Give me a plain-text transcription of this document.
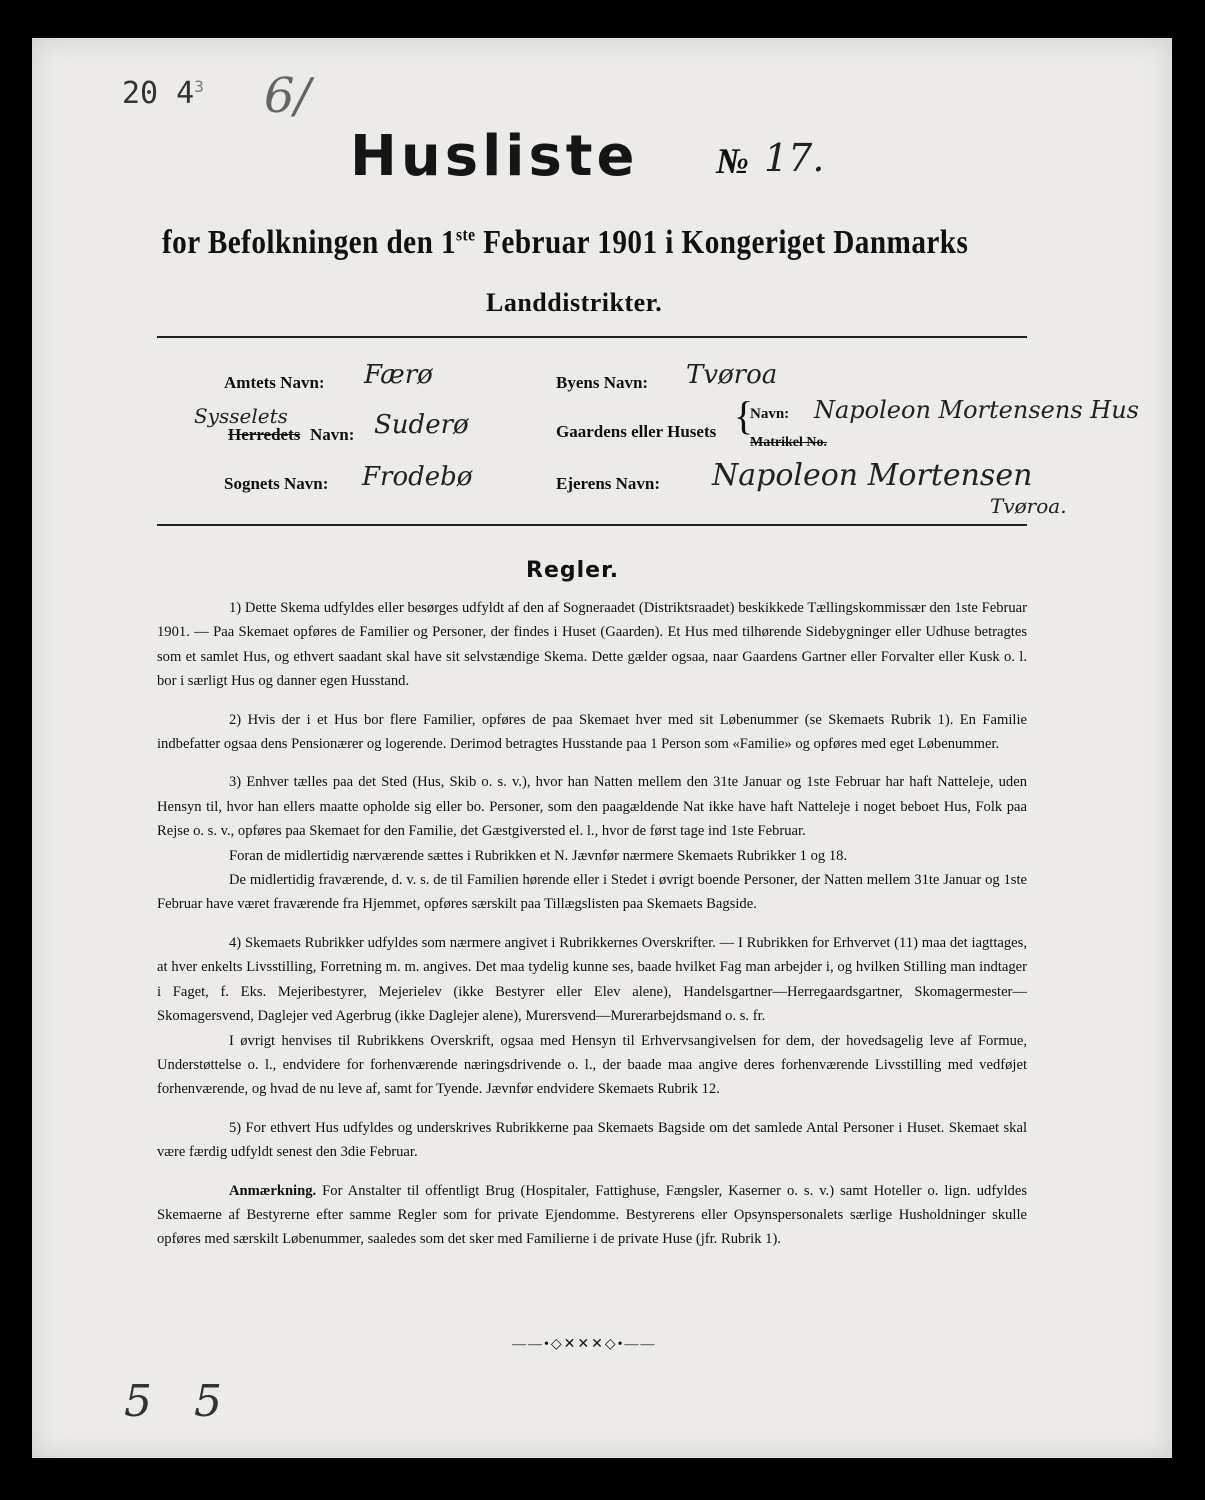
20 $4^3$ 6/
Husliste № 17.
for Befolkningen den 1ste Februar 1901 i Kongeriget Danmarks
Landdistrikter.
Amtets Navn: Færø
Sysselets
Herredets Navn: Suderø
Sognets Navn: Frodebø
Byens Navn: Tvøroa
Gaardens eller Husets {
Navn: Napoleon Mortensens Hus
Matrikel No.
Ejerens Navn: Napoleon Mortensen
Tvøroa.
Regler.

1) Dette Skema udfyldes eller besørges udfyldt af den af Sogneraadet (Distriktsraadet) beskikkede Tællingskommissær den 1ste Februar 1901. — Paa Skemaet opføres de Familier og Personer, der findes i Huset (Gaarden). Et Hus med tilhørende Sidebygninger eller Udhuse betragtes som et samlet Hus, og ethvert saadant skal have sit selvstændige Skema. Dette gælder ogsaa, naar Gaardens Gartner eller Forvalter eller Kusk o. l. bor i særligt Hus og danner egen Husstand.

2) Hvis der i et Hus bor flere Familier, opføres de paa Skemaet hver med sit Løbenummer (se Skemaets Rubrik 1). En Familie indbefatter ogsaa dens Pensionærer og logerende. Derimod betragtes Husstande paa 1 Person som «Familie» og opføres med eget Løbenummer.

3) Enhver tælles paa det Sted (Hus, Skib o. s. v.), hvor han Natten mellem den 31te Januar og 1ste Februar har haft Natteleje, uden Hensyn til, hvor han ellers maatte opholde sig eller bo. Personer, som den paagældende Nat ikke have haft Natteleje i noget beboet Hus, Folk paa Rejse o. s. v., opføres paa Skemaet for den Familie, det Gæstgiversted el. l., hvor de først tage ind 1ste Februar.

Foran de midlertidig nærværende sættes i Rubrikken et N. Jævnfør nærmere Skemaets Rubrikker 1 og 18.

De midlertidig fraværende, d. v. s. de til Familien hørende eller i Stedet i øvrigt boende Personer, der Natten mellem 31te Januar og 1ste Februar have været fraværende fra Hjemmet, opføres særskilt paa Tillægslisten paa Skemaets Bagside.

4) Skemaets Rubrikker udfyldes som nærmere angivet i Rubrikkernes Overskrifter. — I Rubrikken for Erhvervet (11) maa det iagttages, at hver enkelts Livsstilling, Forretning m. m. angives. Det maa tydelig kunne ses, baade hvilket Fag man arbejder i, og hvilken Stilling man indtager i Faget, f. Eks. Mejeribestyrer, Mejerielev (ikke Bestyrer eller Elev alene), Handelsgartner—Herregaardsgartner, Skomagermester—Skomagersvend, Daglejer ved Agerbrug (ikke Daglejer alene), Murersvend—Murerarbejdsmand o. s. fr.

I øvrigt henvises til Rubrikkens Overskrift, ogsaa med Hensyn til Erhvervsangivelsen for dem, der hovedsagelig leve af Formue, Understøttelse o. l., endvidere for forhenværende næringsdrivende o. l., der baade maa angive deres forhenværende Livsstilling med vedføjet forhenværende, og hvad de nu leve af, samt for Tyende. Jævnfør endvidere Skemaets Rubrik 12.

5) For ethvert Hus udfyldes og underskrives Rubrikkerne paa Skemaets Bagside om det samlede Antal Personer i Huset. Skemaet skal være færdig udfyldt senest den 3die Februar.

Anmærkning. For Anstalter til offentligt Brug (Hospitaler, Fattighuse, Fængsler, Kaserner o. s. v.) samt Hoteller o. lign. udfyldes Skemaerne af Bestyrerne efter samme Regler som for private Ejendomme. Bestyrerens eller Opsynspersonalets særlige Husholdninger skulle opføres med særskilt Løbenummer, saaledes som det sker med Familierne i de private Huse (jfr. Rubrik 1).

——•◇✕✕✕◇•——
5   5
